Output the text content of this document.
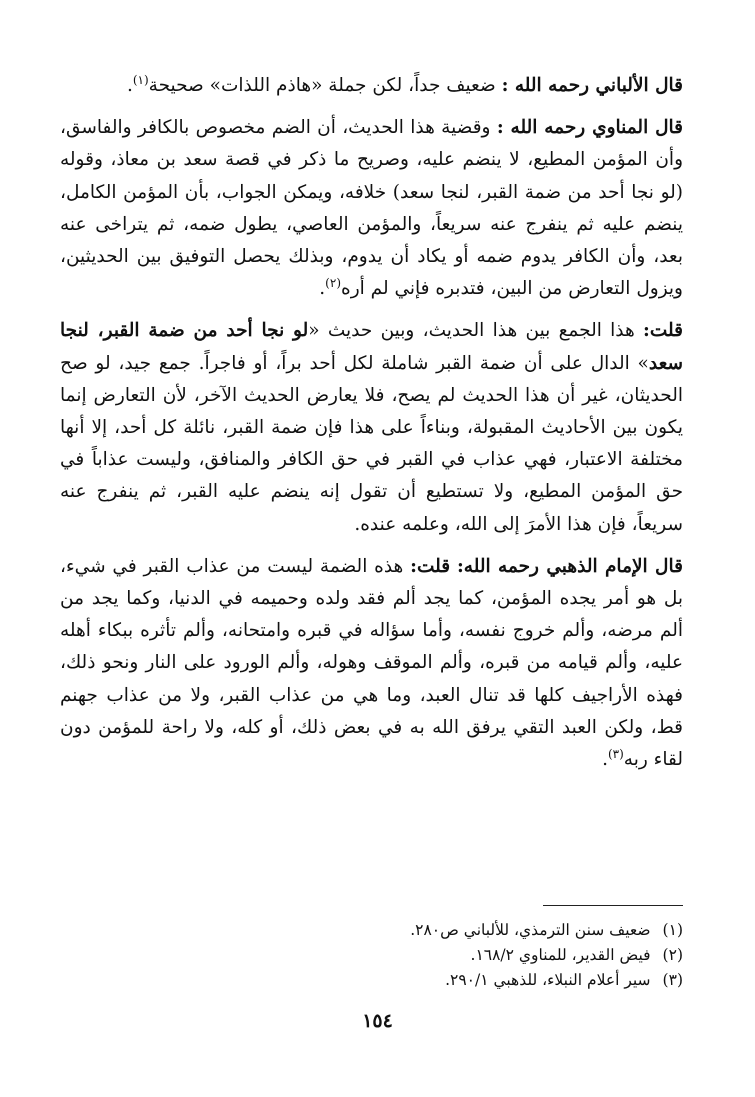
قال الألباني رحمه الله : ضعيف جداً، لكن جملة «هاذم اللذات» صحيحة$^{(١)}$.

قال المناوي رحمه الله : وقضية هذا الحديث، أن الضم مخصوص بالكافر والفاسق، وأن المؤمن المطيع، لا ينضم عليه، وصريح ما ذكر في قصة سعد بن معاذ، وقوله (لو نجا أحد من ضمة القبر، لنجا سعد) خلافه، ويمكن الجواب، بأن المؤمن الكامل، ينضم عليه ثم ينفرج عنه سريعاً، والمؤمن العاصي، يطول ضمه، ثم يتراخى عنه بعد، وأن الكافر يدوم ضمه أو يكاد أن يدوم، وبذلك يحصل التوفيق بين الحديثين، ويزول التعارض من البين، فتدبره فإني لم أره$^{(٢)}$.

قلت: هذا الجمع بين هذا الحديث، وبين حديث «لو نجا أحد من ضمة القبر، لنجا سعد» الدال على أن ضمة القبر شاملة لكل أحد براً، أو فاجراً. جمع جيد، لو صح الحديثان، غير أن هذا الحديث لم يصح، فلا يعارض الحديث الآخر، لأن التعارض إنما يكون بين الأحاديث المقبولة، وبناءاً على هذا فإن ضمة القبر، نائلة كل أحد، إلا أنها مختلفة الاعتبار، فهي عذاب في القبر في حق الكافر والمنافق، وليست عذاباً في حق المؤمن المطيع، ولا تستطيع أن تقول إنه ينضم عليه القبر، ثم ينفرج عنه سريعاً، فإن هذا الأمرَ إلى الله، وعلمه عنده.

قال الإمام الذهبي رحمه الله: قلت: هذه الضمة ليست من عذاب القبر في شيء، بل هو أمر يجده المؤمن، كما يجد ألم فقد ولده وحميمه في الدنيا، وكما يجد من ألم مرضه، وألم خروج نفسه، وأما سؤاله في قبره وامتحانه، وألم تأثره ببكاء أهله عليه، وألم قيامه من قبره، وألم الموقف وهوله، وألم الورود على النار ونحو ذلك، فهذه الأراجيف كلها قد تنال العبد، وما هي من عذاب القبر، ولا من عذاب جهنم قط، ولكن العبد التقي يرفق الله به في بعض ذلك، أو كله، ولا راحة للمؤمن دون لقاء ربه$^{(٣)}$.

(١)ضعيف سنن الترمذي، للألباني ص٢٨٠.
(٢)فيض القدير، للمناوي ١٦٨/٢.
(٣)سير أعلام النبلاء، للذهبي ٢٩٠/١.
١٥٤
